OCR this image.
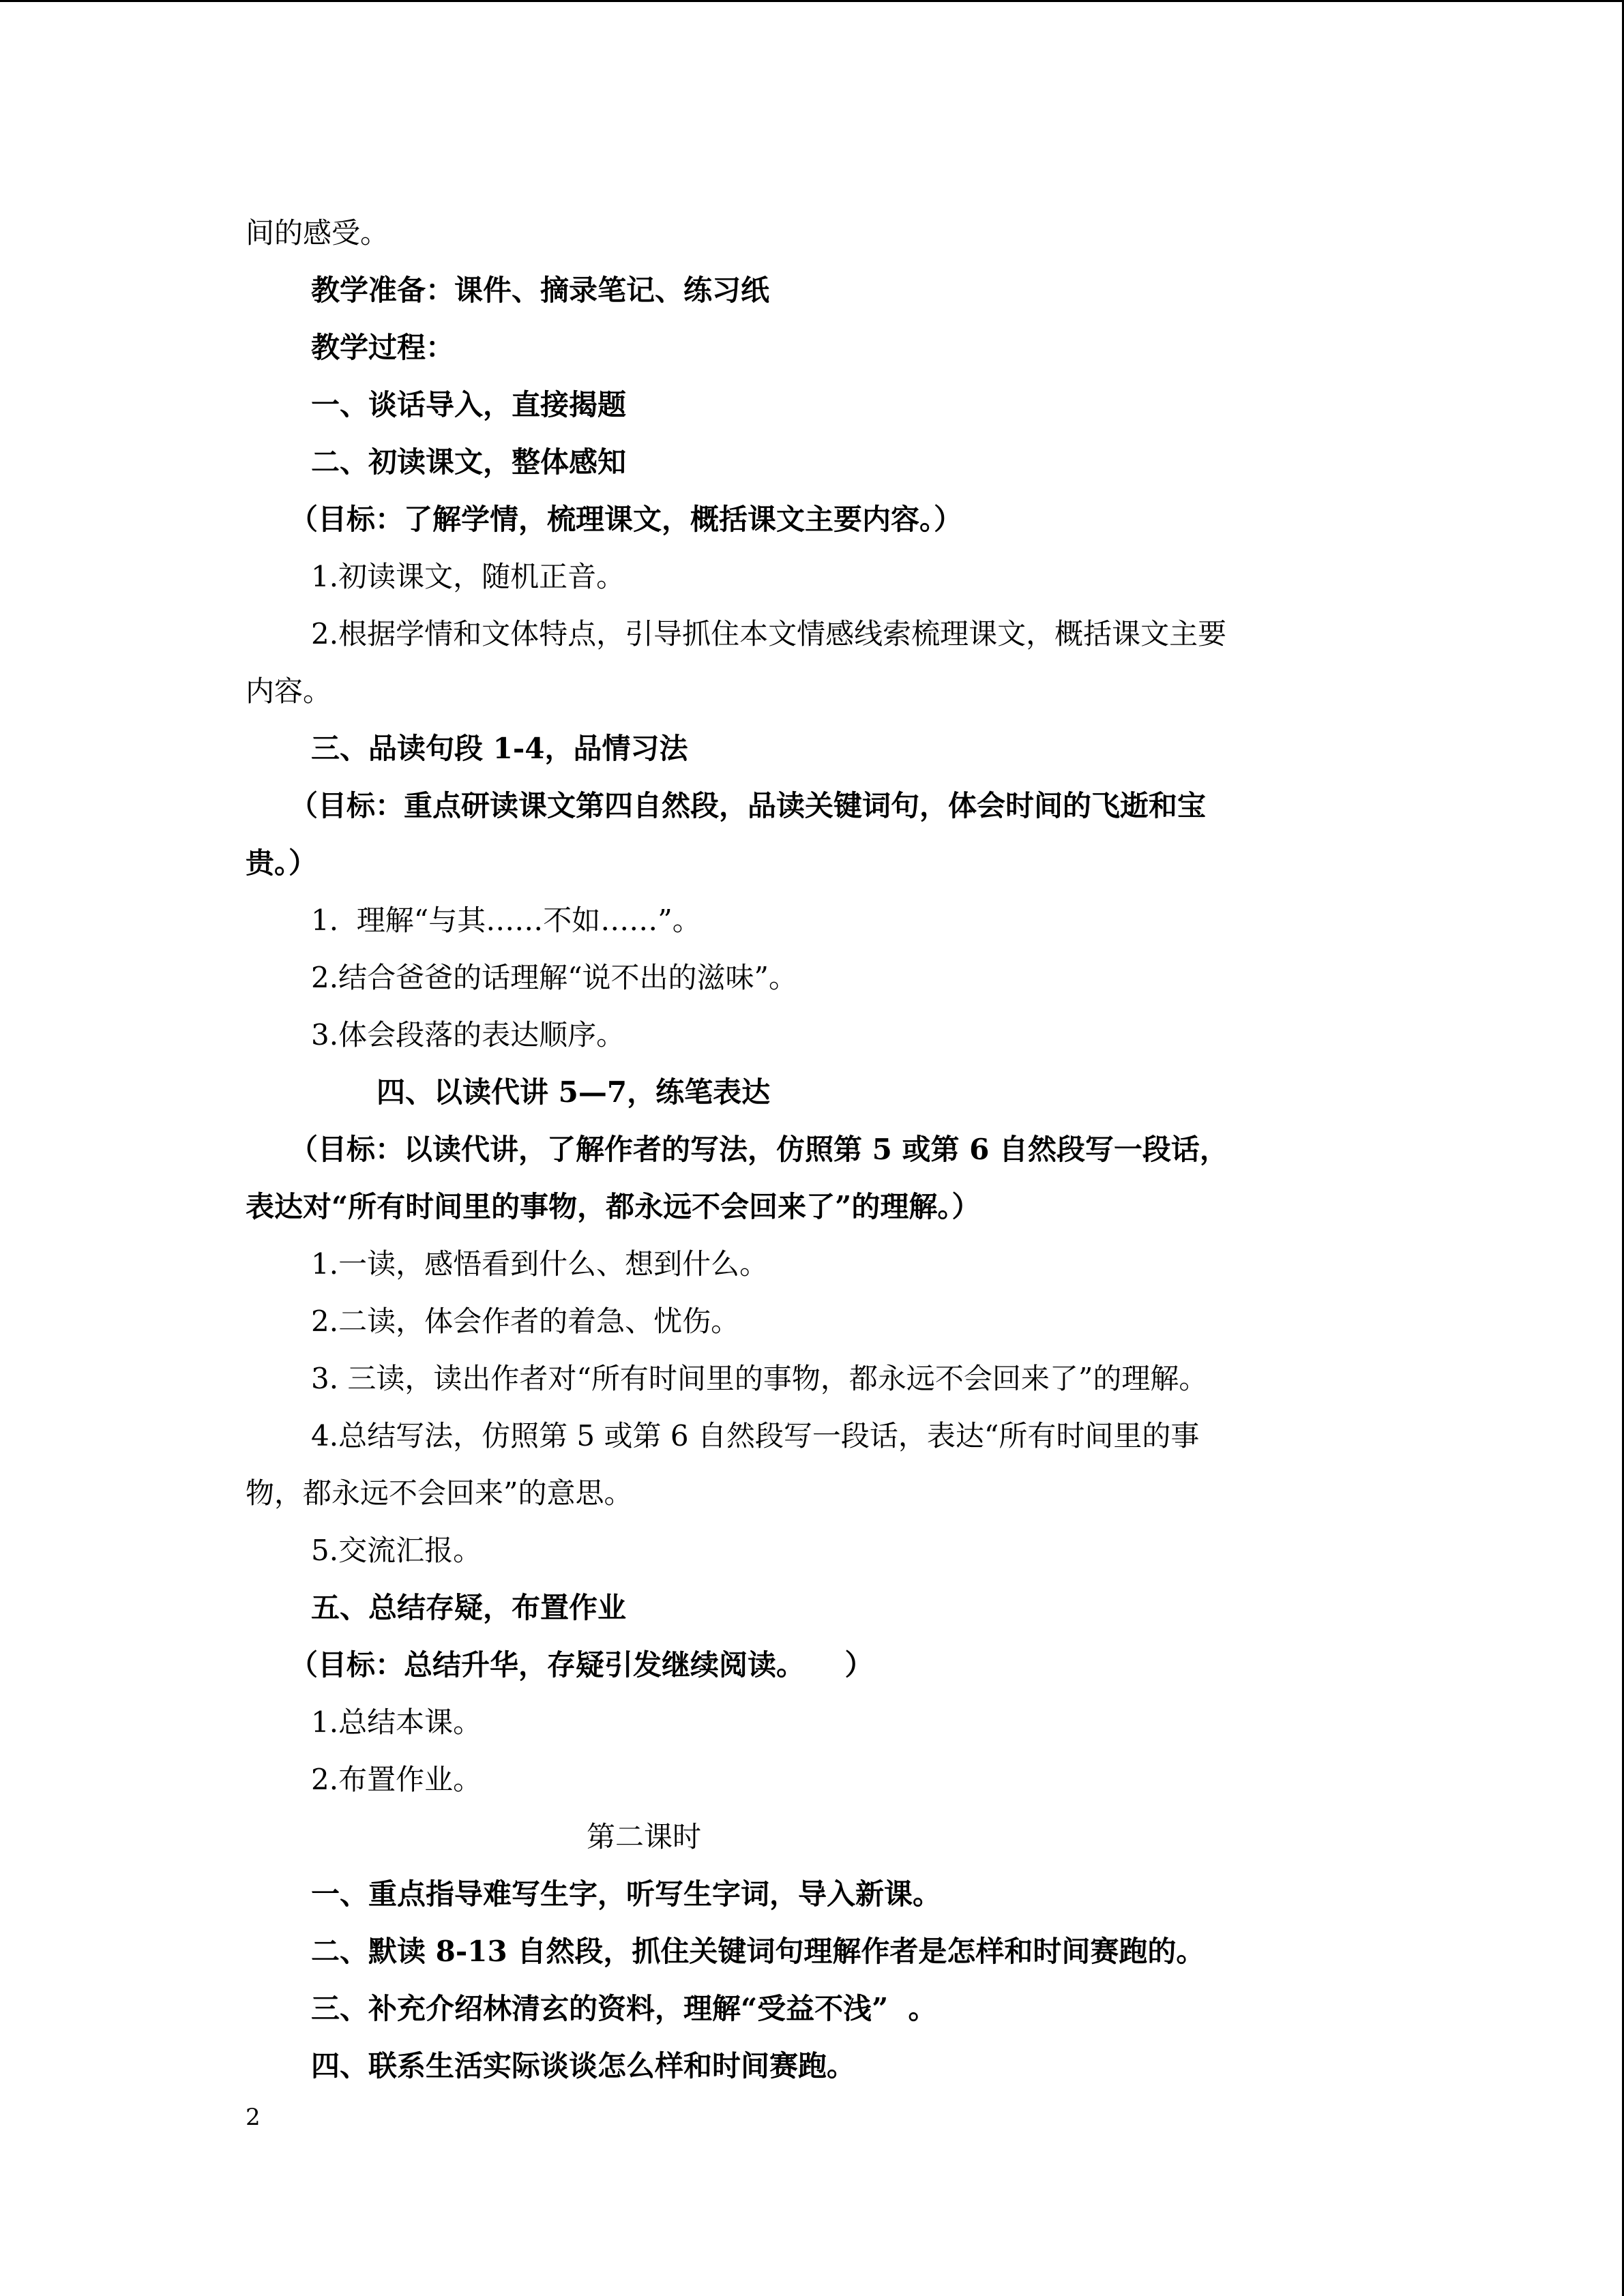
间的感受。
教学准备：课件、摘录笔记、练习纸
教学过程：
一、谈话导入，直接揭题
二、初读课文，整体感知
（目标：了解学情，梳理课文，概括课文主要内容。）
1.初读课文，随机正音。
2.根据学情和文体特点，引导抓住本文情感线索梳理课文，概括课文主要
内容。
三、品读句段 1-4，品情习法
（目标：重点研读课文第四自然段，品读关键词句，体会时间的飞逝和宝
贵。）
1.  理解“与其……不如……”。
2.结合爸爸的话理解“说不出的滋味”。
3.体会段落的表达顺序。
四、以读代讲 5—7，练笔表达
（目标：以读代讲，了解作者的写法，仿照第 5 或第 6 自然段写一段话，
表达对“所有时间里的事物，都永远不会回来了”的理解。）
1.一读，感悟看到什么、想到什么。
2.二读，体会作者的着急、忧伤。
3. 三读，读出作者对“所有时间里的事物，都永远不会回来了”的理解。
4.总结写法，仿照第 5 或第 6 自然段写一段话，表达“所有时间里的事
物，都永远不会回来”的意思。
5.交流汇报。
五、总结存疑，布置作业
（目标：总结升华，存疑引发继续阅读。    ）
1.总结本课。
2.布置作业。
第二课时
一、重点指导难写生字，听写生字词，导入新课。
二、默读 8-13 自然段，抓住关键词句理解作者是怎样和时间赛跑的。
三、补充介绍林清玄的资料，理解“受益不浅”  。
四、联系生活实际谈谈怎么样和时间赛跑。
2
